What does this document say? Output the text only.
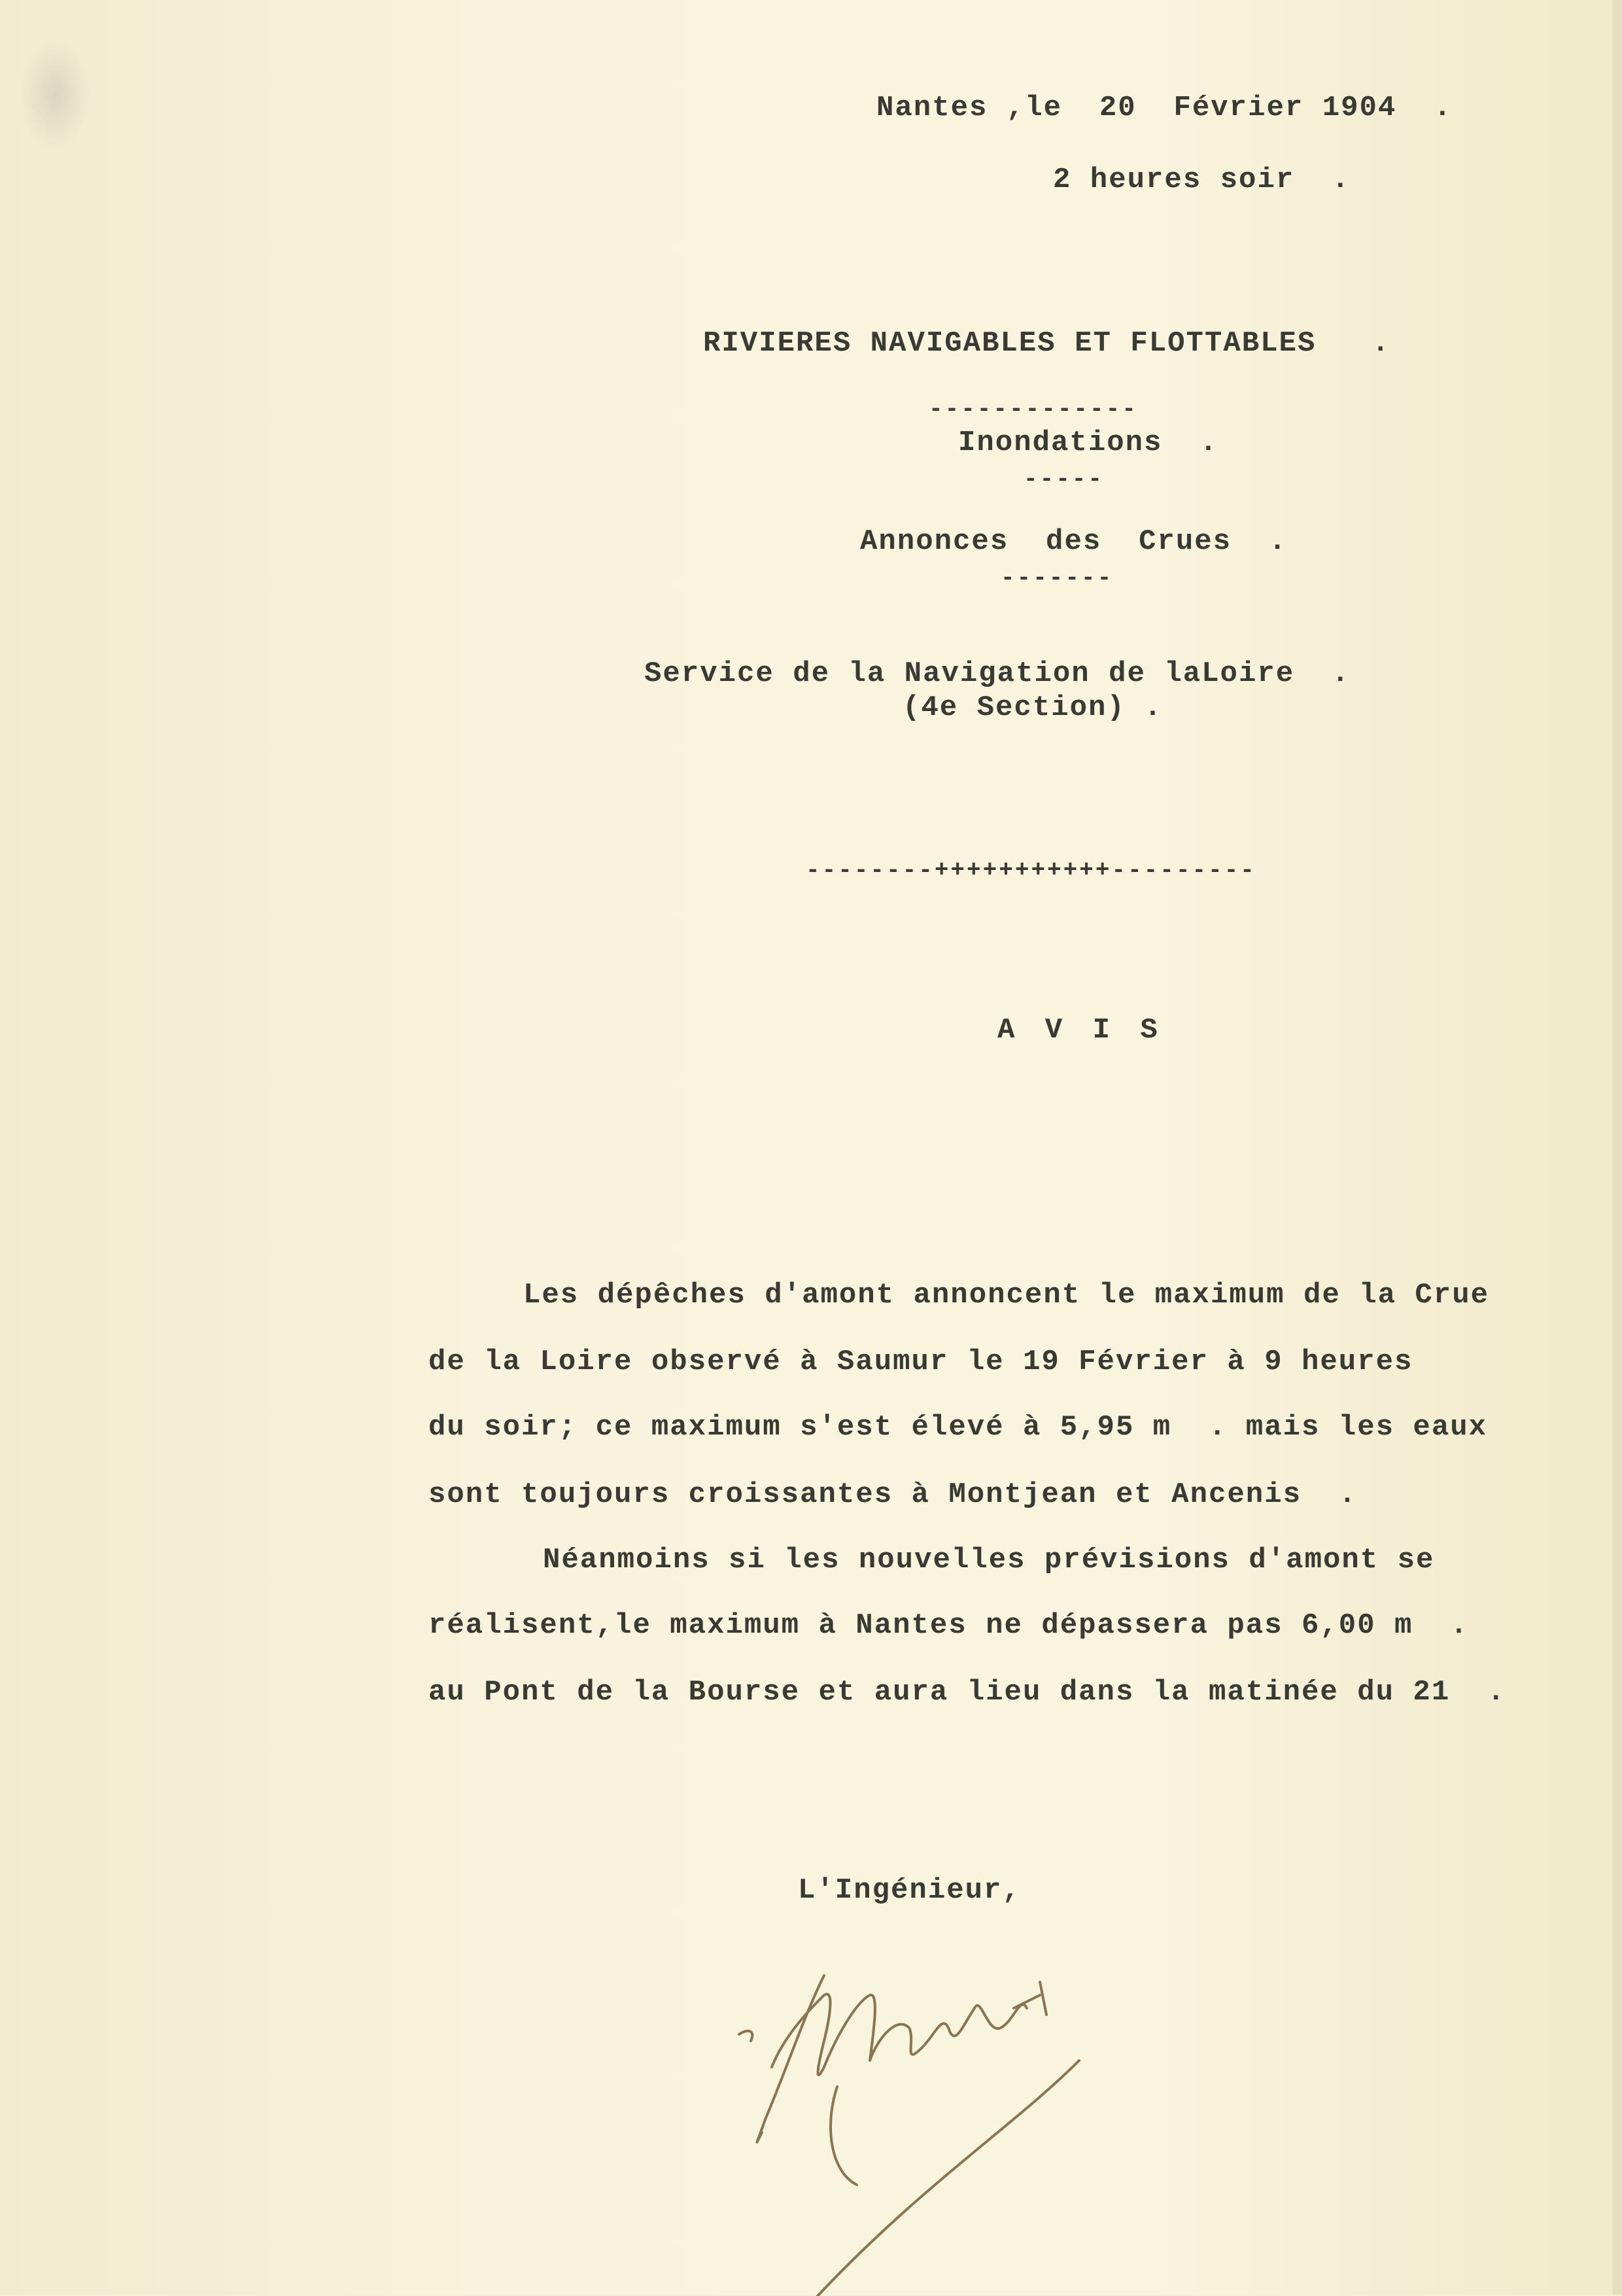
Nantes ,le  20  Février 1904  .
2 heures soir  .
RIVIERES NAVIGABLES ET FLOTTABLES   .
-------------
Inondations  .
-----
Annonces  des  Crues  .
-------
Service de la Navigation de laLoire  .
(4e Section) .
--------+++++++++++---------
A V I S
Les dépêches d'amont annoncent le maximum de la Crue
de la Loire observé à Saumur le 19 Février à 9 heures
du soir; ce maximum s'est élevé à 5,95 m  . mais les eaux
sont toujours croissantes à Montjean et Ancenis  .
Néanmoins si les nouvelles prévisions d'amont se
réalisent,le maximum à Nantes ne dépassera pas 6,00 m  .
au Pont de la Bourse et aura lieu dans la matinée du 21  .
L'Ingénieur,
